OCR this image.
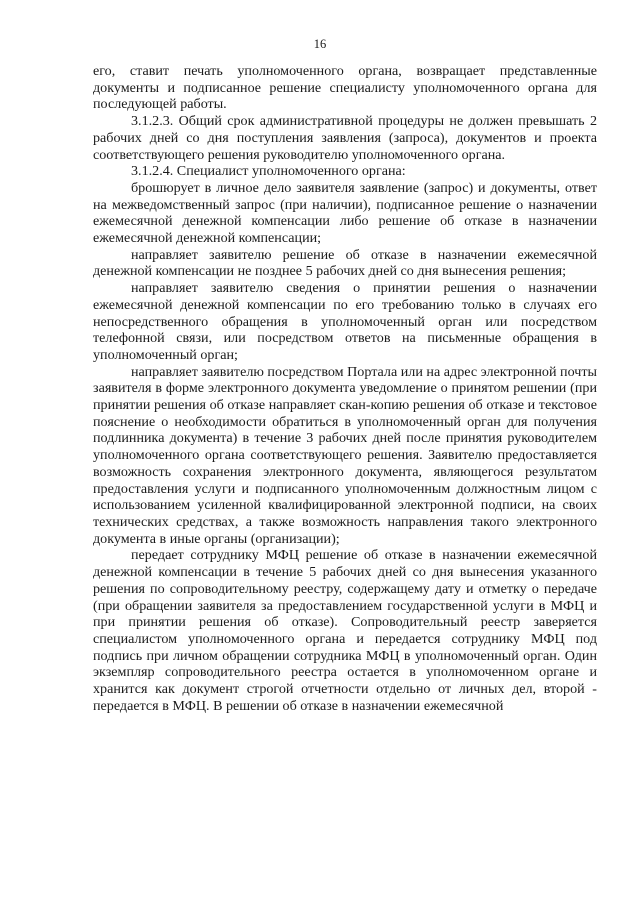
16

его, ставит печать уполномоченного органа, возвращает представленные документы и подписанное решение специалисту уполномоченного органа для последующей работы.

3.1.2.3. Общий срок административной процедуры не должен превышать 2 рабочих дней со дня поступления заявления (запроса), документов и проекта соответствующего решения руководителю уполномоченного органа.

3.1.2.4. Специалист уполномоченного органа:

брошюрует в личное дело заявителя заявление (запрос) и документы, ответ на межведомственный запрос (при наличии), подписанное решение о назначении ежемесячной денежной компенсации либо решение об отказе в назначении ежемесячной денежной компенсации;

направляет заявителю решение об отказе в назначении ежемесячной денежной компенсации не позднее 5 рабочих дней со дня вынесения решения;

направляет заявителю сведения о принятии решения о назначении ежемесячной денежной компенсации по его требованию только в случаях его непосредственного обращения в уполномоченный орган или посредством телефонной связи, или посредством ответов на письменные обращения в уполномоченный орган;

направляет заявителю посредством Портала или на адрес электронной почты заявителя в форме электронного документа уведомление о принятом решении (при принятии решения об отказе направляет скан-копию решения об отказе и текстовое пояснение о необходимости обратиться в уполномоченный орган для получения подлинника документа) в течение 3 рабочих дней после принятия руководителем уполномоченного органа соответствующего решения. Заявителю предоставляется возможность сохранения электронного документа, являющегося результатом предоставления услуги и подписанного уполномоченным должностным лицом с использованием усиленной квалифицированной электронной подписи, на своих технических средствах, а также возможность направления такого электронного документа в иные органы (организации);

передает сотруднику МФЦ решение об отказе в назначении ежемесячной денежной компенсации в течение 5 рабочих дней со дня вынесения указанного решения по сопроводительному реестру, содержащему дату и отметку о передаче (при обращении заявителя за предоставлением государственной услуги в МФЦ и при принятии решения об отказе). Сопроводительный реестр заверяется специалистом уполномоченного органа и передается сотруднику МФЦ под подпись при личном обращении сотрудника МФЦ в уполномоченный орган. Один экземпляр сопроводительного реестра остается в уполномоченном органе и хранится как документ строгой отчетности отдельно от личных дел, второй - передается в МФЦ. В решении об отказе в назначении ежемесячной
